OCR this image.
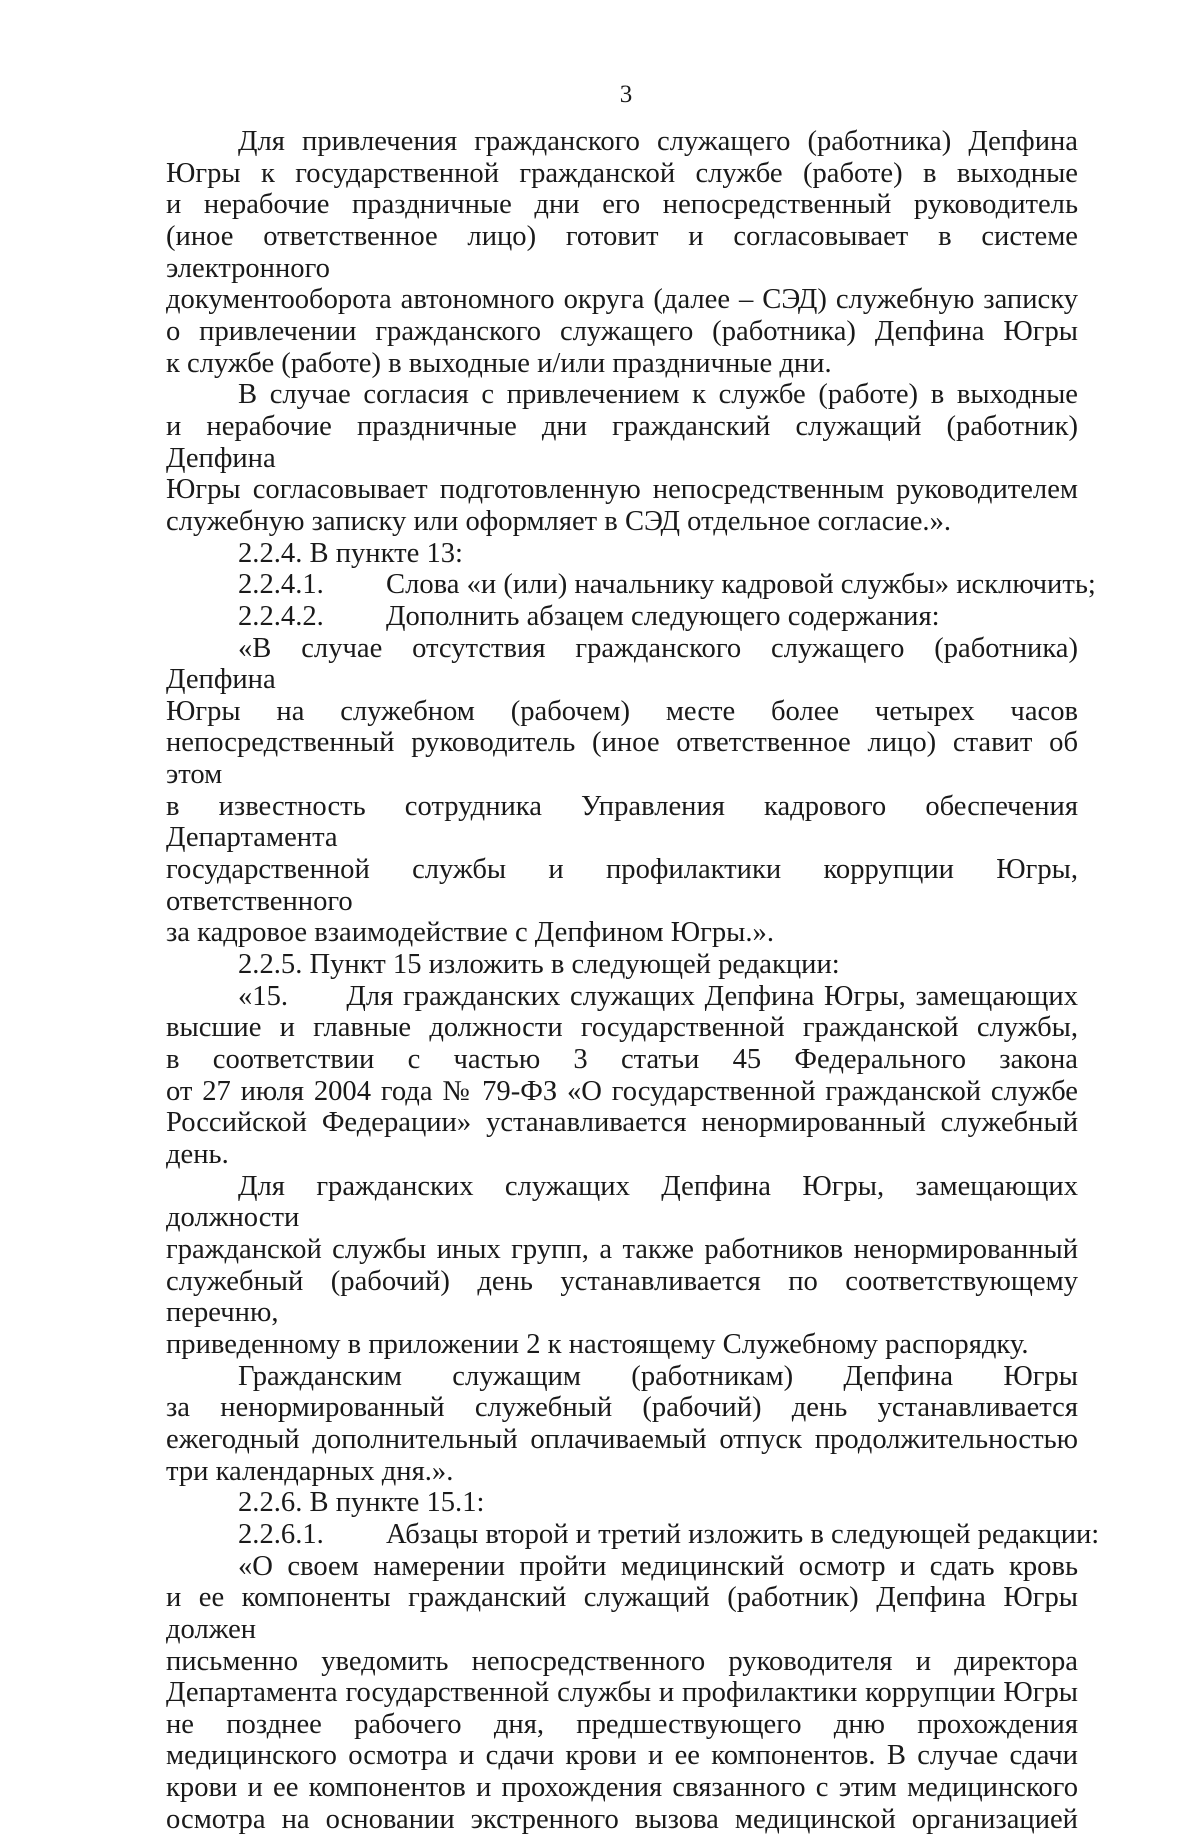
3

Для привлечения гражданского служащего (работника) Депфина
Югры к государственной гражданской службе (работе) в выходные
и нерабочие праздничные дни его непосредственный руководитель
(иное ответственное лицо) готовит и согласовывает в системе электронного
документооборота автономного округа (далее – СЭД) служебную записку
о привлечении гражданского служащего (работника) Депфина Югры
к службе (работе) в выходные и/или праздничные дни.

В случае согласия с привлечением к службе (работе) в выходные
и нерабочие праздничные дни гражданский служащий (работник) Депфина
Югры согласовывает подготовленную непосредственным руководителем
служебную записку или оформляет в СЭД отдельное согласие.».

2.2.4. В пункте 13:

2.2.4.1.	Слова «и (или) начальнику кадровой службы» исключить;
2.2.4.2.	Дополнить абзацем следующего содержания:

«В случае отсутствия гражданского служащего (работника) Депфина
Югры на служебном (рабочем) месте более четырех часов
непосредственный руководитель (иное ответственное лицо) ставит об этом
в известность сотрудника Управления кадрового обеспечения Департамента
государственной службы и профилактики коррупции Югры, ответственного
за кадровое взаимодействие с Депфином Югры.».

2.2.5. Пункт 15 изложить в следующей редакции:

«15.      Для гражданских служащих Депфина Югры, замещающих
высшие и главные должности государственной гражданской службы,
в соответствии с частью 3 статьи 45 Федерального закона
от 27 июля 2004 года № 79-ФЗ «О государственной гражданской службе
Российской Федерации» устанавливается ненормированный служебный
день.

Для гражданских служащих Депфина Югры, замещающих должности
гражданской службы иных групп, а также работников ненормированный
служебный (рабочий) день устанавливается по соответствующему перечню,
приведенному в приложении 2 к настоящему Служебному распорядку.

Гражданским служащим (работникам) Депфина Югры
за ненормированный служебный (рабочий) день устанавливается
ежегодный дополнительный оплачиваемый отпуск продолжительностью
три календарных дня.».

2.2.6. В пункте 15.1:

2.2.6.1.	Абзацы второй и третий изложить в следующей редакции:

«О своем намерении пройти медицинский осмотр и сдать кровь
и ее компоненты гражданский служащий (работник) Депфина Югры должен
письменно уведомить непосредственного руководителя и директора
Департамента государственной службы и профилактики коррупции Югры
не позднее рабочего дня, предшествующего дню прохождения
медицинского осмотра и сдачи крови и ее компонентов. В случае сдачи
крови и ее компонентов и прохождения связанного с этим медицинского
осмотра на основании экстренного вызова медицинской организацией
